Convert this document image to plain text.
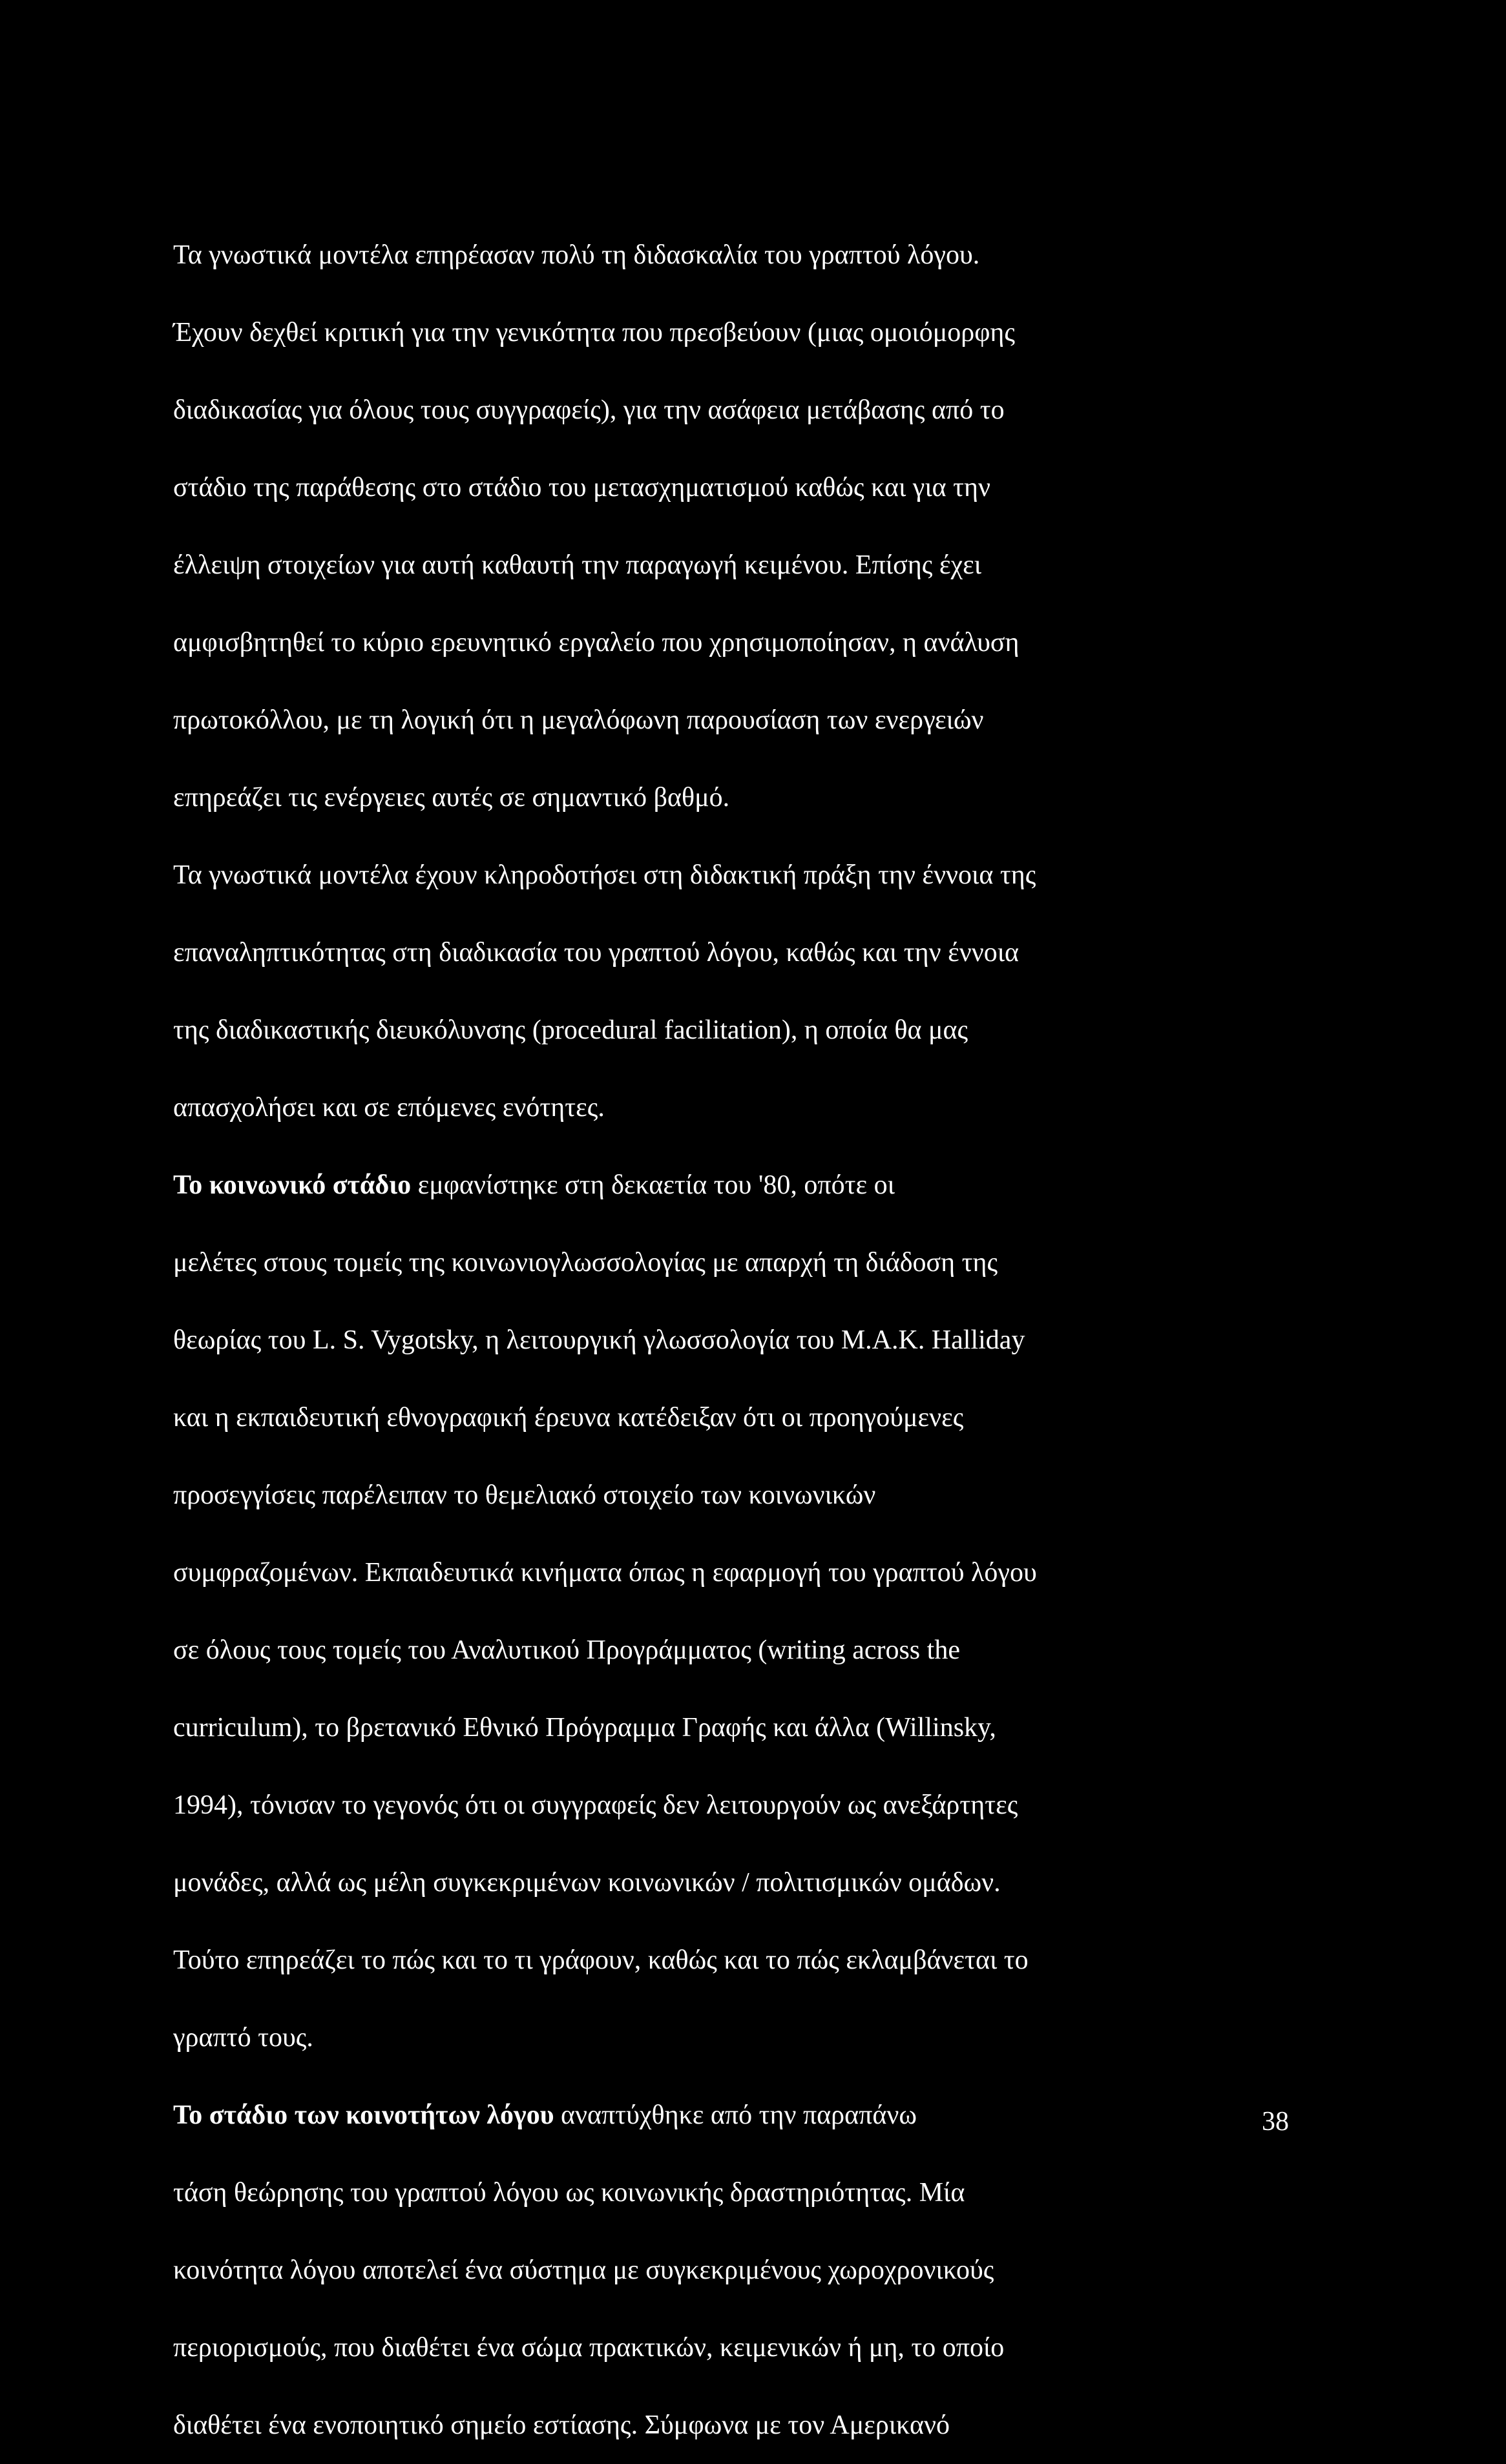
Τα γνωστικά μοντέλα επηρέασαν πολύ τη διδασκαλία του γραπτού λόγου.
Έχουν δεχθεί κριτική για την γενικότητα που πρεσβεύουν (μιας ομοιόμορφης
διαδικασίας για όλους τους συγγραφείς), για την ασάφεια μετάβασης από το
στάδιο της παράθεσης στο στάδιο του μετασχηματισμού καθώς και για την
έλλειψη στοιχείων για αυτή καθαυτή την παραγωγή κειμένου. Επίσης έχει
αμφισβητηθεί το κύριο ερευνητικό εργαλείο που χρησιμοποίησαν, η ανάλυση
πρωτοκόλλου, με τη λογική ότι η μεγαλόφωνη παρουσίαση των ενεργειών
επηρεάζει τις ενέργειες αυτές σε σημαντικό βαθμό.
Τα γνωστικά μοντέλα έχουν κληροδοτήσει στη διδακτική πράξη την έννοια της
επαναληπτικότητας στη διαδικασία του γραπτού λόγου, καθώς και την έννοια
της διαδικαστικής διευκόλυνσης (procedural facilitation), η οποία θα μας
απασχολήσει και σε επόμενες ενότητες.
Το κοινωνικό στάδιο εμφανίστηκε στη δεκαετία του '80, οπότε οι
μελέτες στους τομείς της κοινωνιογλωσσολογίας με απαρχή τη διάδοση της
θεωρίας του L. S. Vygotsky, η λειτουργική γλωσσολογία του M.A.K. Halliday
και η εκπαιδευτική εθνογραφική έρευνα κατέδειξαν ότι οι προηγούμενες
προσεγγίσεις παρέλειπαν το θεμελιακό στοιχείο των κοινωνικών
συμφραζομένων. Εκπαιδευτικά κινήματα όπως η εφαρμογή του γραπτού λόγου
σε όλους τους τομείς του Αναλυτικού Προγράμματος (writing across the
curriculum), το βρετανικό Εθνικό Πρόγραμμα Γραφής και άλλα (Willinsky,
1994), τόνισαν το γεγονός ότι οι συγγραφείς δεν λειτουργούν ως ανεξάρτητες
μονάδες, αλλά ως μέλη συγκεκριμένων κοινωνικών / πολιτισμικών ομάδων.
Τούτο επηρεάζει το πώς και το τι γράφουν, καθώς και το πώς εκλαμβάνεται το
γραπτό τους.
Το στάδιο των κοινοτήτων λόγου αναπτύχθηκε από την παραπάνω
τάση θεώρησης του γραπτού λόγου ως κοινωνικής δραστηριότητας. Μία
κοινότητα λόγου αποτελεί ένα σύστημα με συγκεκριμένους χωροχρονικούς
περιορισμούς, που διαθέτει ένα σώμα πρακτικών, κειμενικών ή μη, το οποίο
διαθέτει ένα ενοποιητικό σημείο εστίασης. Σύμφωνα με τον Αμερικανό
38
